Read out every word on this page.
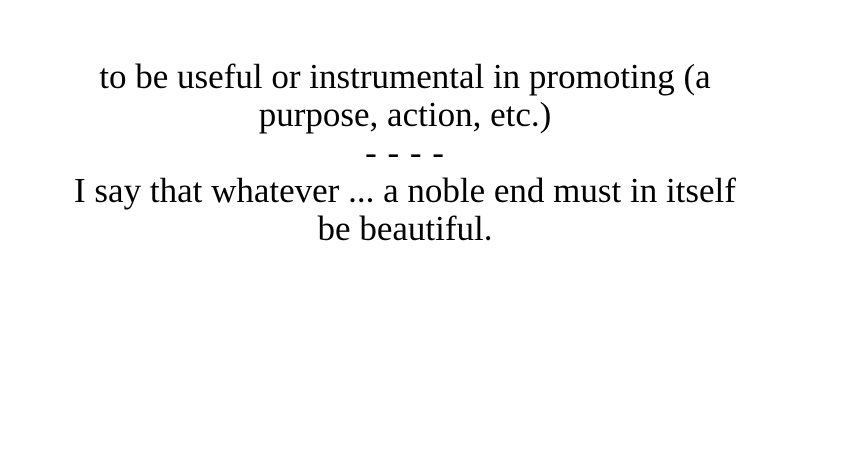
to be useful or instrumental in promoting (a purpose, action, etc.)

- - - -

I say that whatever ... a noble end must in itself be beautiful.
